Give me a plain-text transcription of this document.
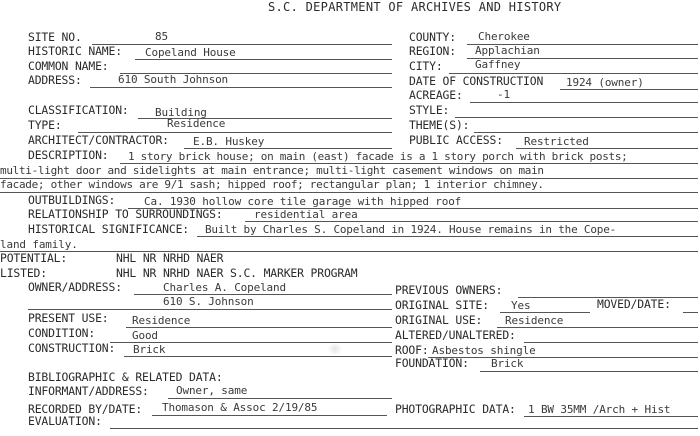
S.C. DEPARTMENT OF ARCHIVES AND HISTORY
SITE NO.	85	COUNTY: Cherokee
HISTORIC NAME: Copeland House	REGION: Applachian
COMMON NAME:	CITY:	Gaffney
ADDRESS:	610 South Johnson	DATE OF CONSTRUCTION 1924 (owner)
ACREAGE:	-1
CLASSIFICATION: Building	STYLE:
TYPE:	Residence	THEME(S):
ARCHITECT/CONTRACTOR: E.B. Huskey	PUBLIC ACCESS: Restricted
DESCRIPTION: 1 story brick house; on main (east) facade is a 1 story porch with brick posts;
multi-light door and sidelights at main entrance; multi-light casement windows on main
facade; other windows are 9/1 sash; hipped roof; rectangular plan; 1 interior chimney.
OUTBUILDINGS:	Ca. 1930 hollow core tile garage with hipped roof
RELATIONSHIP TO SURROUNDINGS:	residential area
HISTORICAL SIGNIFICANCE: Built by Charles S. Copeland in 1924. House remains in the Cope-
land family.
POTENTIAL:	NHL NR NRHD NAER
LISTED:	NHL NR NRHD NAER S.C. MARKER PROGRAM
OWNER/ADDRESS:	Charles A. Copeland
610 S. Johnson
PREVIOUS OWNERS:
ORIGINAL SITE: Yes	MOVED/DATE:
PRESENT USE: Residence	ORIGINAL USE: Residence
CONDITION:	Good	ALTERED/UNALTERED:
CONSTRUCTION: Brick	ROOF: Asbestos shingle
FOUNDATION: Brick
BIBLIOGRAPHIC & RELATED DATA:
INFORMANT/ADDRESS: Owner, same
RECORDED BY/DATE: Thomason & Assoc 2/19/85	PHOTOGRAPHIC DATA: 1 BW 35MM /Arch + Hist
EVALUATION:
